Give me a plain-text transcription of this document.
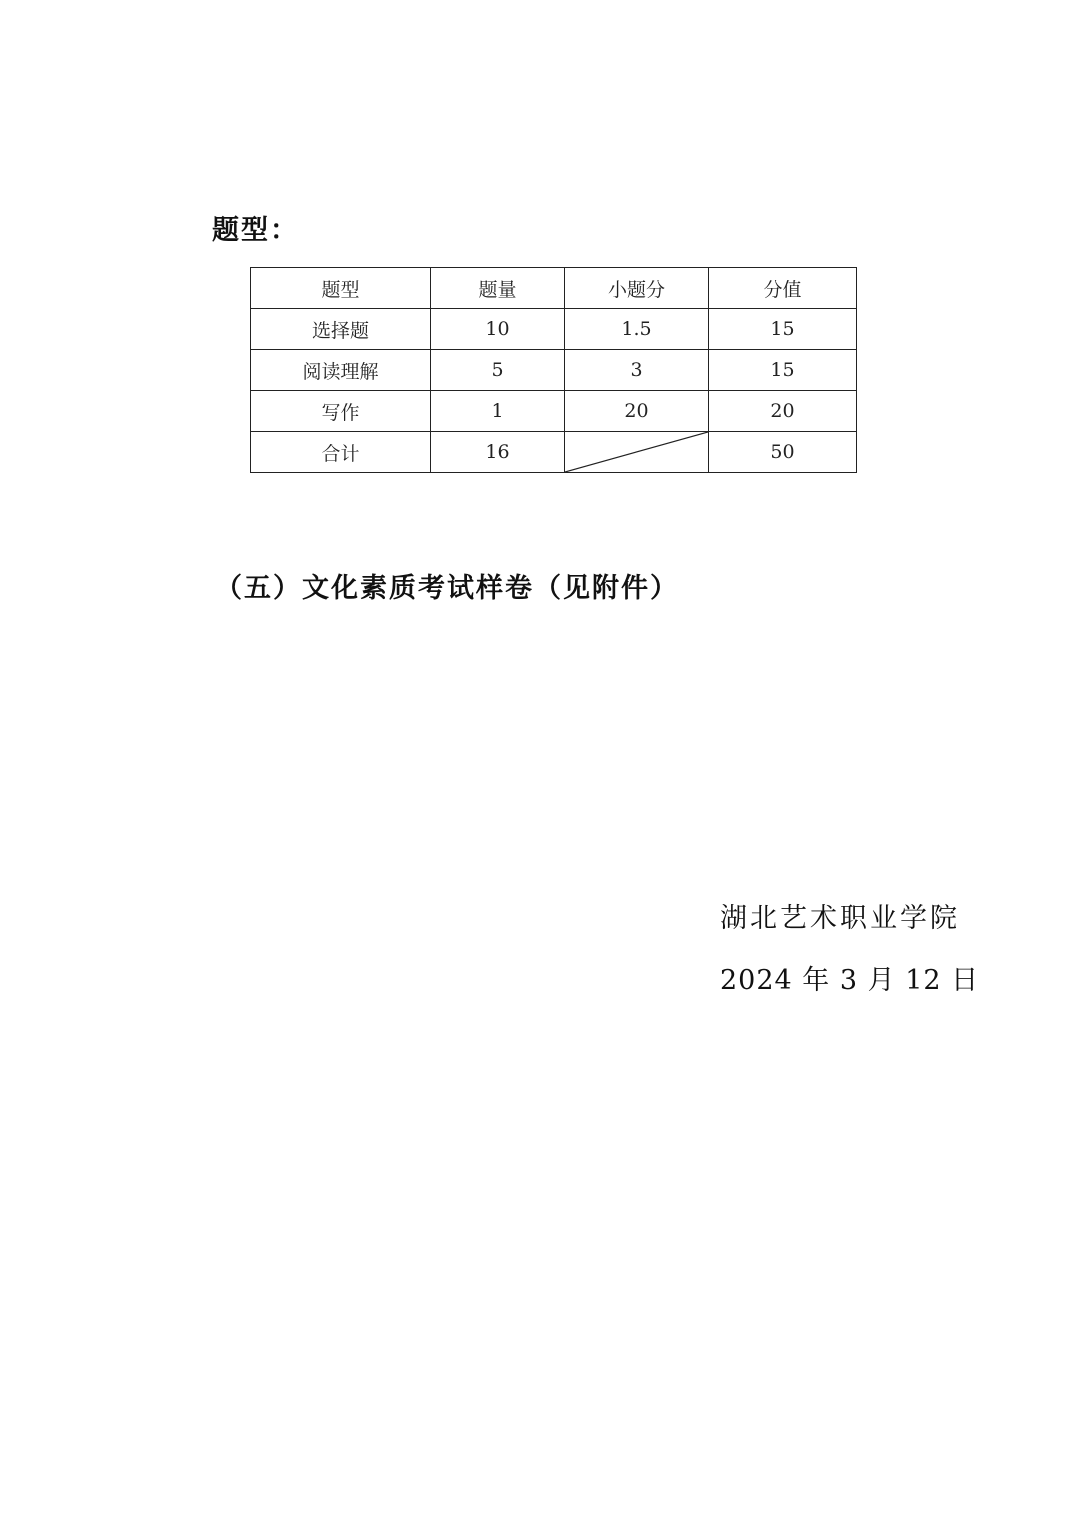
题型：
题型	题量	小题分	分值
选择题	10	1.5	15
阅读理解	5	3	15
写作	1	20	20
合计	16		50
（五）文化素质考试样卷（见附件）
湖北艺术职业学院
2024 年 3 月 12 日
